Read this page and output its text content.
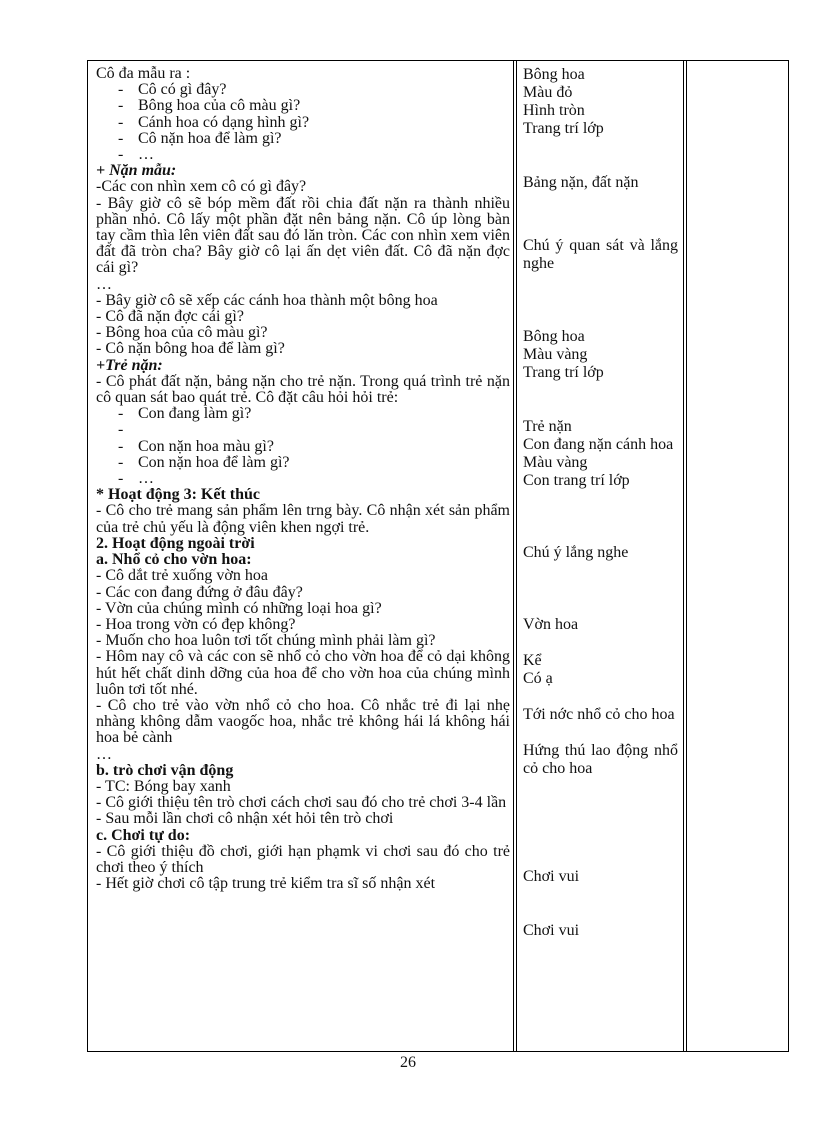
Cô đa mẫu ra :

- Cô có gì đây?
- Bông hoa của cô màu gì?
- Cánh hoa có dạng hình gì?
- Cô nặn hoa để làm gì?
- …

+ Nặn mẫu:

-Các con nhìn xem cô có gì đây?

- Bây giờ cô sẽ bóp mềm đất rồi chia đất nặn ra thành nhiều phần nhỏ. Cô lấy một phần đặt nên bảng nặn. Cô úp lòng bàn tay cầm thìa lên viên đất sau đó lăn tròn. Các con nhìn xem viên đất đã tròn cha? Bây giờ cô lại ấn dẹt viên đất. Cô đã nặn đợc cái gì?

…

- Bây giờ cô sẽ xếp các cánh hoa thành một bông hoa

- Cô đã nặn đợc cái gì?

- Bông hoa của cô màu gì?

- Cô nặn bông hoa để làm gì?

+Trẻ nặn:

- Cô phát đất nặn, bảng nặn cho trẻ nặn. Trong quá trình trẻ nặn cô quan sát bao quát trẻ. Cô đặt câu hỏi hỏi trẻ:

- Con đang làm gì?
-
- Con nặn hoa màu gì?
- Con nặn hoa để làm gì?
- …

* Hoạt động 3: Kết thúc

- Cô cho trẻ mang sản phẩm lên trng bày. Cô nhận xét sản phẩm của trẻ chủ yếu là động viên khen ngợi trẻ.

2. Hoạt động ngoài trời

a. Nhổ cỏ cho vờn hoa:

- Cô dắt trẻ xuống vờn hoa

- Các con đang đứng ở đâu đây?

- Vờn của chúng mình có những loại hoa gì?

- Hoa trong vờn có đẹp không?

- Muốn cho hoa luôn tơi tốt chúng mình phải làm gì?

- Hôm nay cô và các con sẽ nhổ cỏ cho vờn hoa để cỏ dại không hút hết chất dinh dỡng của hoa để cho vờn hoa của chúng mình luôn tơi tốt nhé.

- Cô cho trẻ vào vờn nhổ cỏ cho hoa. Cô nhắc trẻ đi lại nhẹ nhàng không dẫm vaogốc hoa, nhắc trẻ không hái lá không hái hoa bẻ cành

…

b. trò chơi vận động

- TC: Bóng bay xanh

- Cô giới thiệu tên trò chơi cách chơi sau đó cho trẻ chơi 3-4 lần

- Sau mỗi lần chơi cô nhận xét hỏi tên trò chơi

c. Chơi tự do:

- Cô giới thiệu đồ chơi, giới hạn phạmk vi chơi sau đó cho trẻ chơi theo ý thích

- Hết giờ chơi cô tập trung trẻ kiểm tra sĩ số nhận xét

Bông hoa

Màu đỏ

Hình tròn

Trang trí lớp

Bảng nặn, đất nặn

Chú ý quan sát và lắng nghe

Bông hoa

Màu vàng

Trang trí lớp

Trẻ nặn

Con đang nặn cánh hoa

Màu vàng

Con trang trí lớp

Chú ý lắng nghe

Vờn hoa

Kể

Có ạ

Tới nớc nhổ cỏ cho hoa

Hứng thú lao động nhổ cỏ cho hoa

Chơi vui

Chơi vui

26
